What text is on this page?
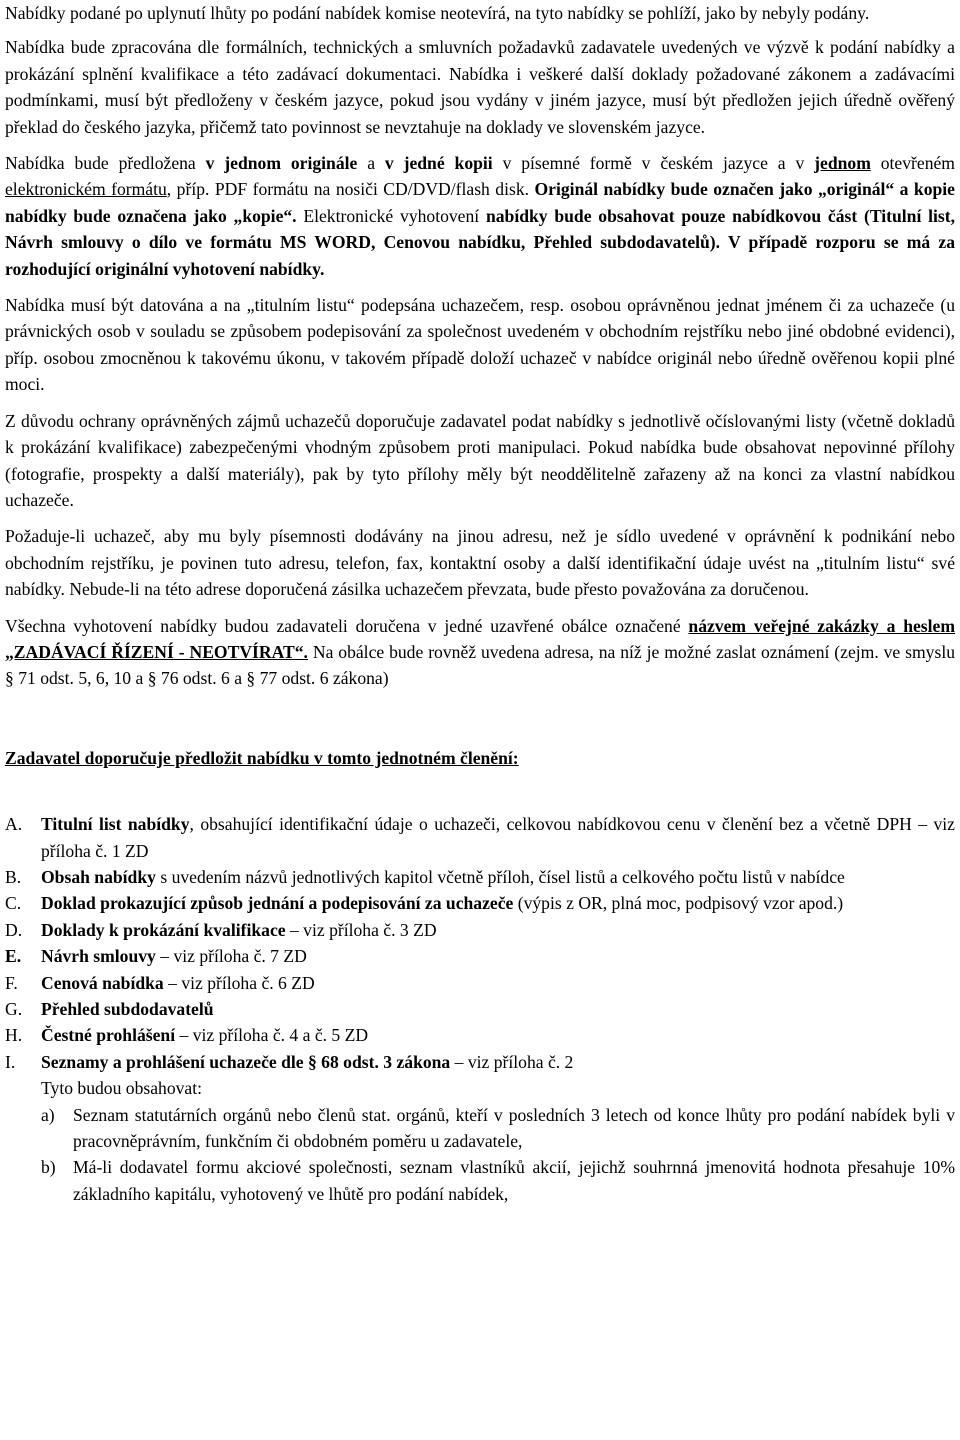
Nabídky podané po uplynutí lhůty po podání nabídek komise neotevírá, na tyto nabídky se pohlíží, jako by nebyly podány.

Nabídka bude zpracována dle formálních, technických a smluvních požadavků zadavatele uvedených ve výzvě k podání nabídky a prokázání splnění kvalifikace a této zadávací dokumentaci. Nabídka i veškeré další doklady požadované zákonem a zadávacími podmínkami, musí být předloženy v českém jazyce, pokud jsou vydány v jiném jazyce, musí být předložen jejich úředně ověřený překlad do českého jazyka, přičemž tato povinnost se nevztahuje na doklady ve slovenském jazyce.

Nabídka bude předložena v jednom originále a v jedné kopii v písemné formě v českém jazyce a v jednom otevřeném elektronickém formátu, příp. PDF formátu na nosiči CD/DVD/flash disk. Originál nabídky bude označen jako „originál“ a kopie nabídky bude označena jako „kopie“. Elektronické vyhotovení nabídky bude obsahovat pouze nabídkovou část (Titulní list, Návrh smlouvy o dílo ve formátu MS WORD, Cenovou nabídku, Přehled subdodavatelů). V případě rozporu se má za rozhodující originální vyhotovení nabídky.

Nabídka musí být datována a na „titulním listu“ podepsána uchazečem, resp. osobou oprávněnou jednat jménem či za uchazeče (u právnických osob v souladu se způsobem podepisování za společnost uvedeném v obchodním rejstříku nebo jiné obdobné evidenci), příp. osobou zmocněnou k takovému úkonu, v takovém případě doloží uchazeč v nabídce originál nebo úředně ověřenou kopii plné moci.

Z důvodu ochrany oprávněných zájmů uchazečů doporučuje zadavatel podat nabídky s jednotlivě očíslovanými listy (včetně dokladů k prokázání kvalifikace) zabezpečenými vhodným způsobem proti manipulaci. Pokud nabídka bude obsahovat nepovinné přílohy (fotografie, prospekty a další materiály), pak by tyto přílohy měly být neoddělitelně zařazeny až na konci za vlastní nabídkou uchazeče.

Požaduje-li uchazeč, aby mu byly písemnosti dodávány na jinou adresu, než je sídlo uvedené v oprávnění k podnikání nebo obchodním rejstříku, je povinen tuto adresu, telefon, fax, kontaktní osoby a další identifikační údaje uvést na „titulním listu“ své nabídky. Nebude-li na této adrese doporučená zásilka uchazečem převzata, bude přesto považována za doručenou.

Všechna vyhotovení nabídky budou zadavateli doručena v jedné uzavřené obálce označené názvem veřejné zakázky a heslem „ZADÁVACÍ ŘÍZENÍ - NEOTVÍRAT“. Na obálce bude rovněž uvedena adresa, na níž je možné zaslat oznámení (zejm. ve smyslu § 71 odst. 5, 6, 10 a § 76 odst. 6 a § 77 odst. 6 zákona)

Zadavatel doporučuje předložit nabídku v tomto jednotném členění:

A.	Titulní list nabídky, obsahující identifikační údaje o uchazeči, celkovou nabídkovou cenu v členění bez a včetně DPH – viz příloha č. 1 ZD
B.	Obsah nabídky s uvedením názvů jednotlivých kapitol včetně příloh, čísel listů a celkového počtu listů v nabídce
C.	Doklad prokazující způsob jednání a podepisování za uchazeče (výpis z OR, plná moc, podpisový vzor apod.)
D.	Doklady k prokázání kvalifikace – viz příloha č. 3 ZD
E.	Návrh smlouvy – viz příloha č. 7 ZD
F.	Cenová nabídka – viz příloha č. 6 ZD
G.	Přehled subdodavatelů
H.	Čestné prohlášení – viz příloha č. 4 a č. 5 ZD
I.	Seznamy a prohlášení uchazeče dle § 68 odst. 3 zákona – viz příloha č. 2
Tyto budou obsahovat:
a)	Seznam statutárních orgánů nebo členů stat. orgánů, kteří v posledních 3 letech od konce lhůty pro podání nabídek byli v pracovněprávním, funkčním či obdobném poměru u zadavatele,
b) Má-li dodavatel formu akciové společnosti, seznam vlastníků akcií, jejichž souhrnná jmenovitá hodnota přesahuje 10% základního kapitálu, vyhotovený ve lhůtě pro podání nabídek,
